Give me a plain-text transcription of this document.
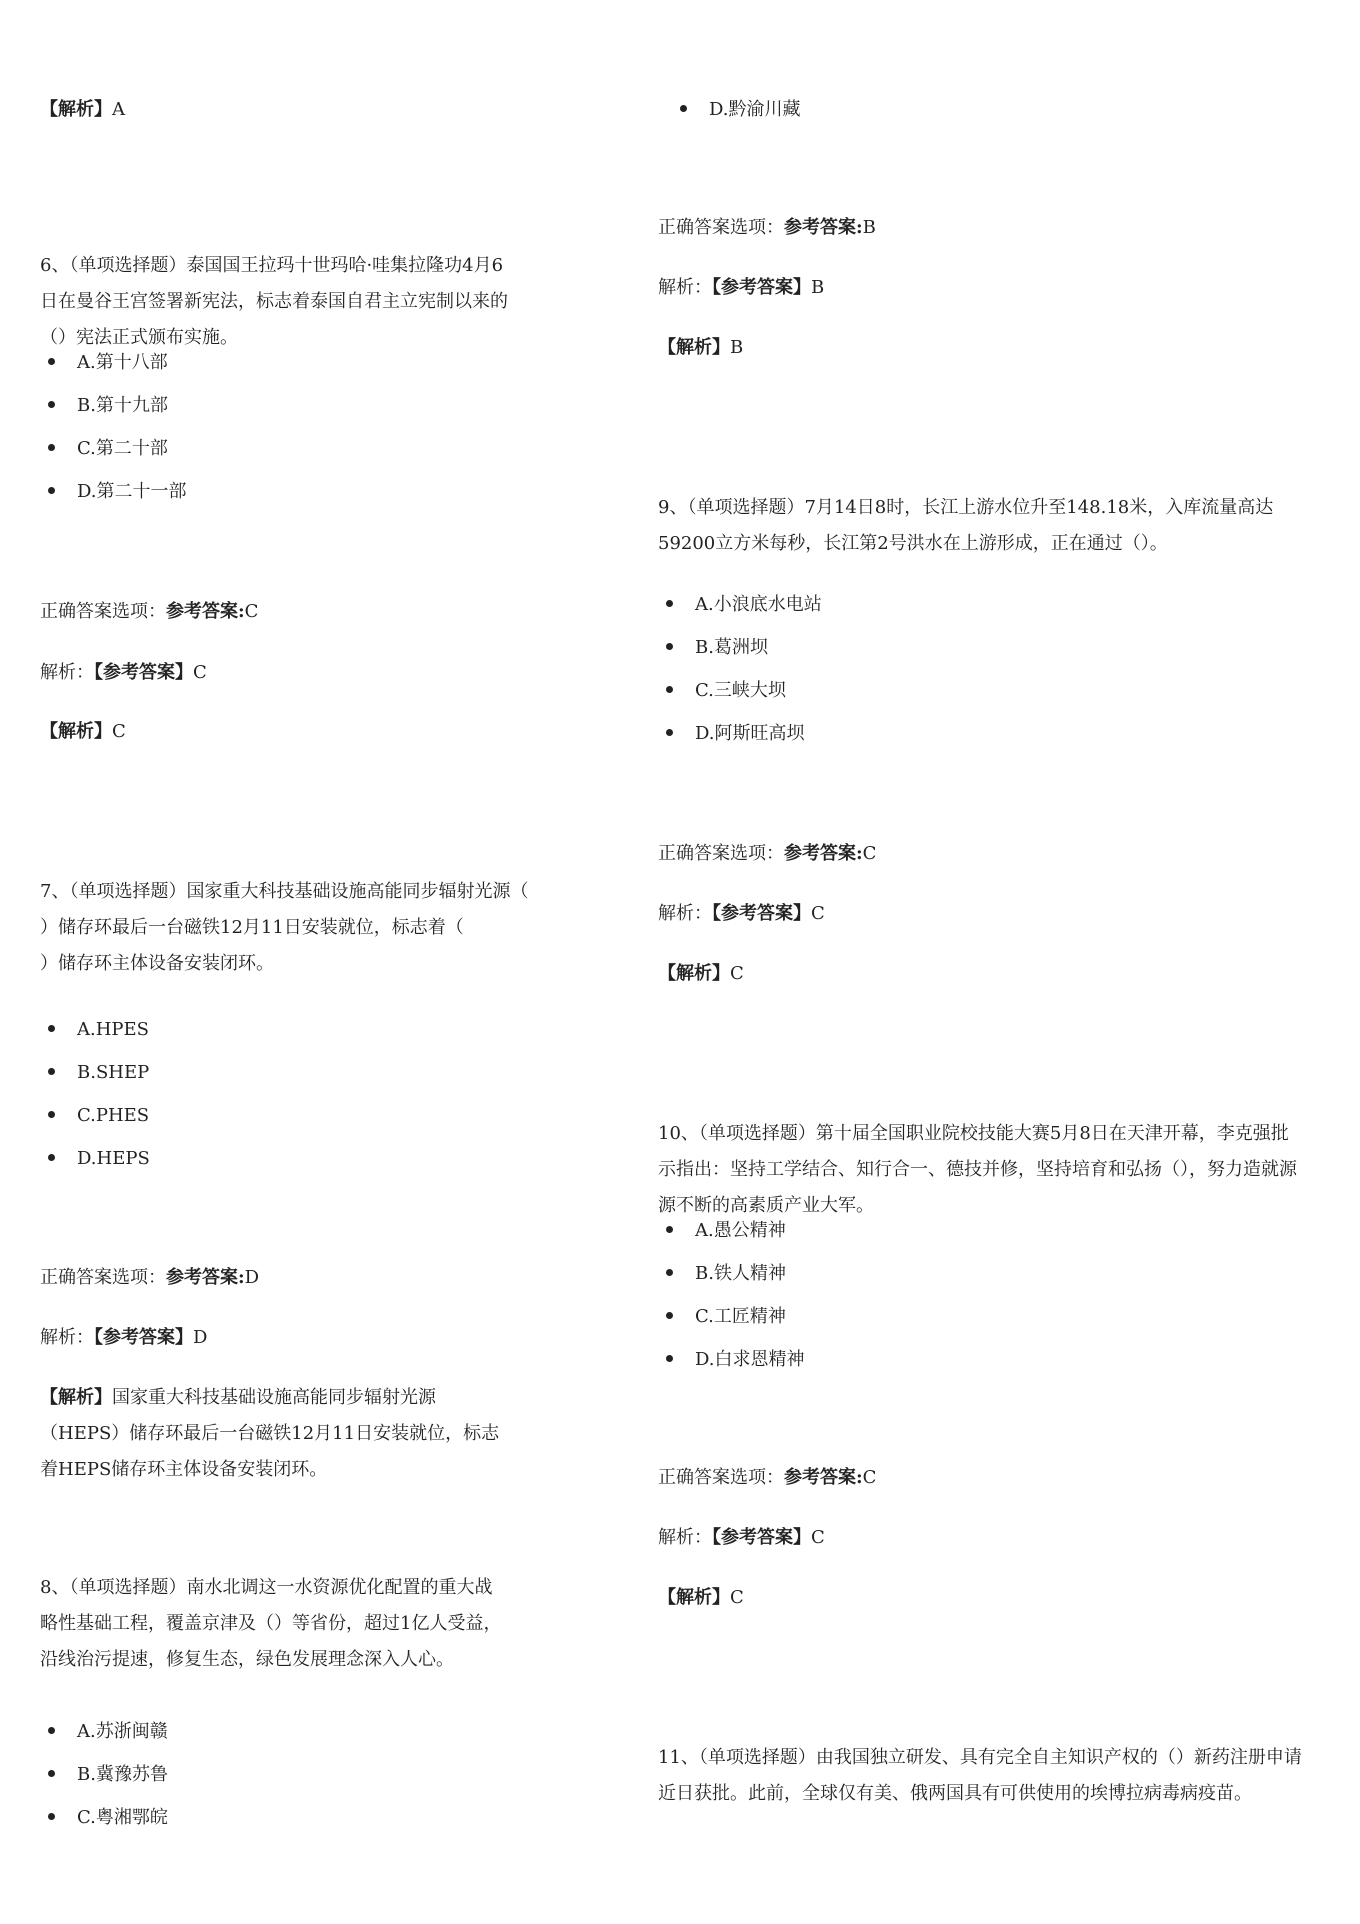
【解析】A
6、（单项选择题）泰国国王拉玛十世玛哈·哇集拉隆功4月6日在曼谷王宫签署新宪法，标志着泰国自君主立宪制以来的（）宪法正式颁布实施。
A.第十八部
B.第十九部
C.第二十部
D.第二十一部
正确答案选项：参考答案:C
解析：【参考答案】C
【解析】C
7、（单项选择题）国家重大科技基础设施高能同步辐射光源（
）储存环最后一台磁铁12月11日安装就位，标志着（
）储存环主体设备安装闭环。
A.HPES
B.SHEP
C.PHES
D.HEPS
正确答案选项：参考答案:D
解析：【参考答案】D
【解析】国家重大科技基础设施高能同步辐射光源（HEPS）储存环最后一台磁铁12月11日安装就位，标志着HEPS储存环主体设备安装闭环。
8、（单项选择题）南水北调这一水资源优化配置的重大战略性基础工程，覆盖京津及（）等省份，超过1亿人受益，沿线治污提速，修复生态，绿色发展理念深入人心。
A.苏浙闽赣
B.冀豫苏鲁
C.粤湘鄂皖
D.黔渝川藏
正确答案选项：参考答案:B
解析：【参考答案】B
【解析】B
9、（单项选择题）7月14日8时，长江上游水位升至148.18米，入库流量高达59200立方米每秒，长江第2号洪水在上游形成，正在通过（）。
A.小浪底水电站
B.葛洲坝
C.三峡大坝
D.阿斯旺高坝
正确答案选项：参考答案:C
解析：【参考答案】C
【解析】C
10、（单项选择题）第十届全国职业院校技能大赛5月8日在天津开幕，李克强批示指出：坚持工学结合、知行合一、德技并修，坚持培育和弘扬（），努力造就源源不断的高素质产业大军。
A.愚公精神
B.铁人精神
C.工匠精神
D.白求恩精神
正确答案选项：参考答案:C
解析：【参考答案】C
【解析】C
11、（单项选择题）由我国独立研发、具有完全自主知识产权的（）新药注册申请近日获批。此前，全球仅有美、俄两国具有可供使用的埃博拉病毒病疫苗。
